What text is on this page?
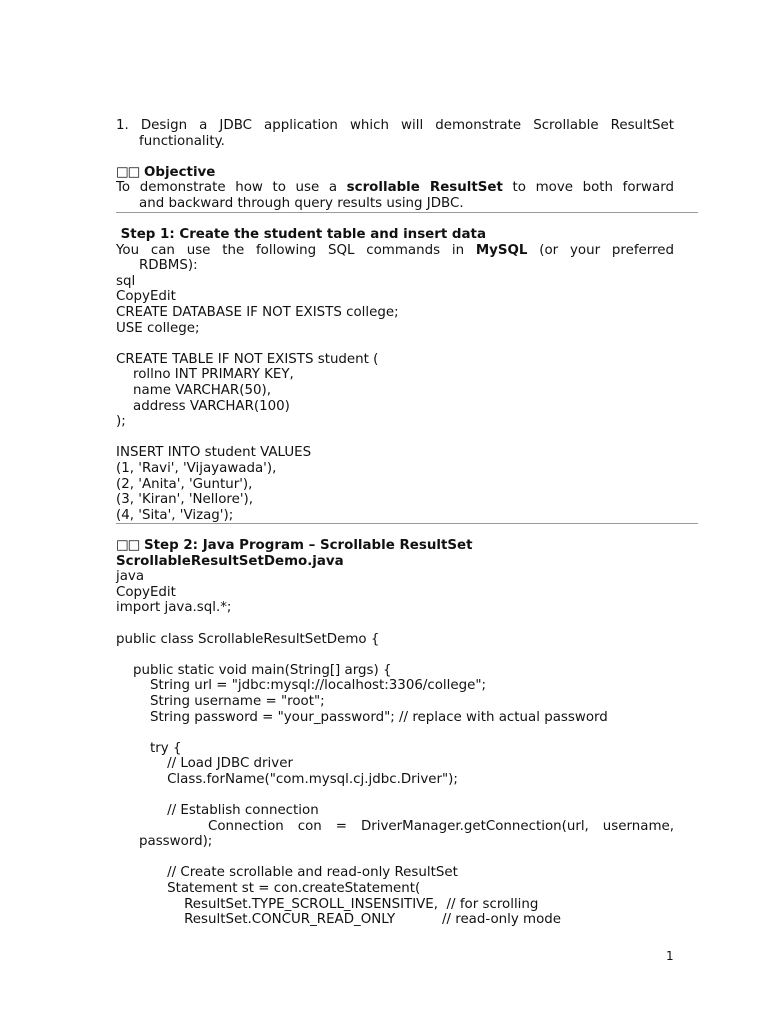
1. Design a JDBC application which will demonstrate Scrollable ResultSet
functionality.
□□ Objective
To demonstrate how to use a scrollable ResultSet to move both forward
and backward through query results using JDBC.
Step 1: Create the student table and insert data
You can use the following SQL commands in MySQL (or your preferred
RDBMS):
sql
CopyEdit
CREATE DATABASE IF NOT EXISTS college;
USE college;
CREATE TABLE IF NOT EXISTS student (
rollno INT PRIMARY KEY,
name VARCHAR(50),
address VARCHAR(100)
);
INSERT INTO student VALUES
(1, 'Ravi', 'Vijayawada'),
(2, 'Anita', 'Guntur'),
(3, 'Kiran', 'Nellore'),
(4, 'Sita', 'Vizag');
□□ Step 2: Java Program – Scrollable ResultSet
ScrollableResultSetDemo.java
java
CopyEdit
import java.sql.*;
public class ScrollableResultSetDemo {
public static void main(String[] args) {
String url = "jdbc:mysql://localhost:3306/college";
String username = "root";
String password = "your_password"; // replace with actual password
try {
// Load JDBC driver
Class.forName("com.mysql.cj.jdbc.Driver");
// Establish connection
Connection con = DriverManager.getConnection(url, username,
password);
// Create scrollable and read-only ResultSet
Statement st = con.createStatement(
ResultSet.TYPE_SCROLL_INSENSITIVE,  // for scrolling
ResultSet.CONCUR_READ_ONLY           // read-only mode
1
